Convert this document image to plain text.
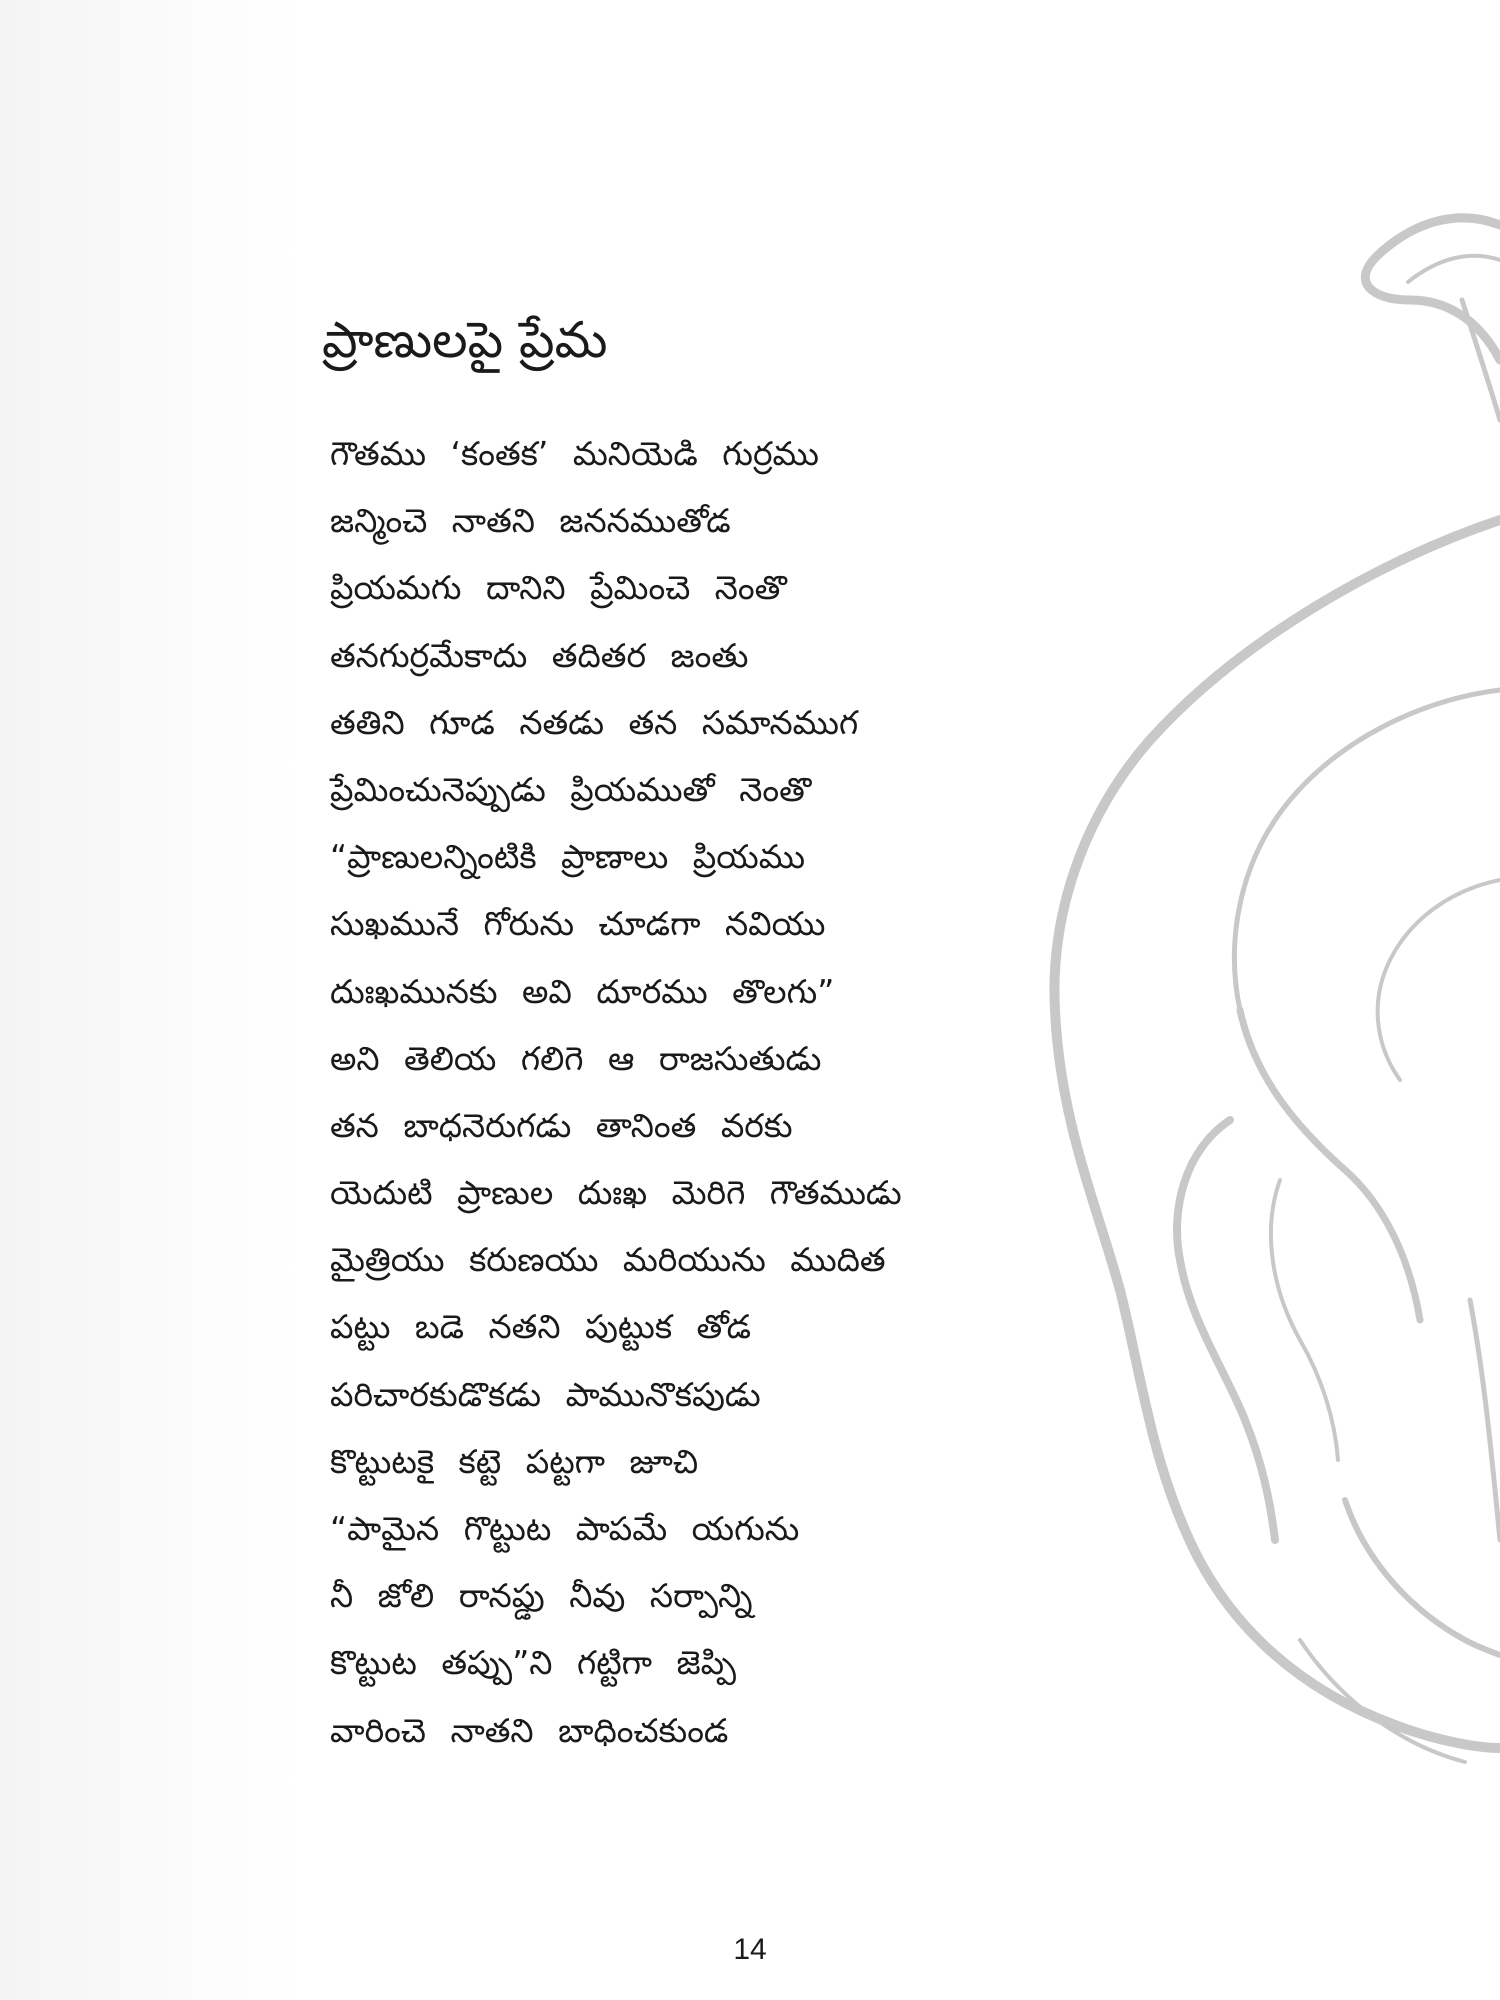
ప్రాణులపై ప్రేమ
గౌతము ‘కంతక’ మనియెడి గుర్రము
జన్మించె నాతని జననముతోడ
ప్రియమగు దానిని ప్రేమించె నెంతొ
తనగుర్రమేకాదు తదితర జంతు
తతిని గూడ నతడు తన సమానముగ
ప్రేమించునెప్పుడు ప్రియముతో నెంతొ
“ప్రాణులన్నింటికి ప్రాణాలు ప్రియము
సుఖమునే గోరును చూడగా నవియు
దుఃఖమునకు అవి దూరము తొలగు”
అని తెలియ గలిగె ఆ రాజసుతుడు
తన బాధనెరుగడు తానింత వరకు
యెదుటి ప్రాణుల దుఃఖ మెరిగె గౌతముడు
మైత్రియు కరుణయు మరియును ముదిత
పట్టు బడె నతని పుట్టుక తోడ
పరిచారకుడొకడు పామునొకపుడు
కొట్టుటకై కట్టె పట్టగా జూచి
“పామైన గొట్టుట పాపమే యగును
నీ జోలి రానప్డు నీవు సర్పాన్ని
కొట్టుట తప్పు”ని గట్టిగా జెప్పి
వారించె నాతని బాధించకుండ
14
